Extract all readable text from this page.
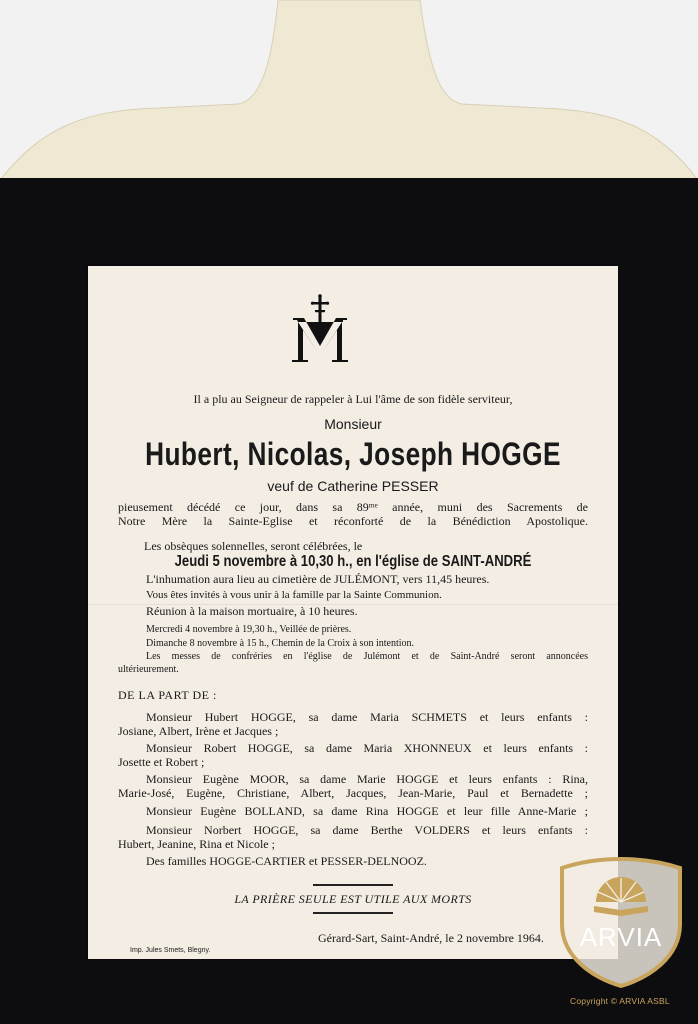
Il a plu au Seigneur de rappeler à Lui l'âme de son fidèle serviteur,
Monsieur
Hubert, Nicolas, Joseph HOGGE
veuf de Catherine PESSER
pieusement décédé ce jour, dans sa 89ᵐᵉ année, muni des Sacrements de
Notre Mère la Sainte-Eglise et réconforté de la Bénédiction Apostolique.
Les obsèques solennelles, seront célébrées, le
Jeudi 5 novembre à 10,30 h., en l'église de SAINT-ANDRÉ
L'inhumation aura lieu au cimetière de JULÉMONT, vers 11,45 heures.
Vous êtes invités à vous unir à la famille par la Sainte Communion.
Réunion à la maison mortuaire, à 10 heures.
Mercredi 4 novembre à 19,30 h., Veillée de prières.
Dimanche 8 novembre à 15 h., Chemin de la Croix à son intention.
Les messes de confréries en l'église de Julémont et de Saint-André seront annoncées
ultérieurement.
DE LA PART DE :
Monsieur Hubert HOGGE, sa dame Maria SCHMETS et leurs enfants :
Josiane, Albert, Irène et Jacques ;
Monsieur Robert HOGGE, sa dame Maria XHONNEUX et leurs enfants :
Josette et Robert ;
Monsieur Eugène MOOR, sa dame Marie HOGGE et leurs enfants : Rina,
Marie-José, Eugène, Christiane, Albert, Jacques, Jean-Marie, Paul et Bernadette ;
Monsieur Eugène BOLLAND, sa dame Rina HOGGE et leur fille Anne-Marie ;
Monsieur Norbert HOGGE, sa dame Berthe VOLDERS et leurs enfants :
Hubert, Jeanine, Rina et Nicole ;
Des familles HOGGE-CARTIER et PESSER-DELNOOZ.
LA PRIÈRE SEULE EST UTILE AUX MORTS
Gérard-Sart, Saint-André, le 2 novembre 1964.
Imp. Jules Smets, Blegny.	ARVIA
Copyright © ARVIA ASBL
